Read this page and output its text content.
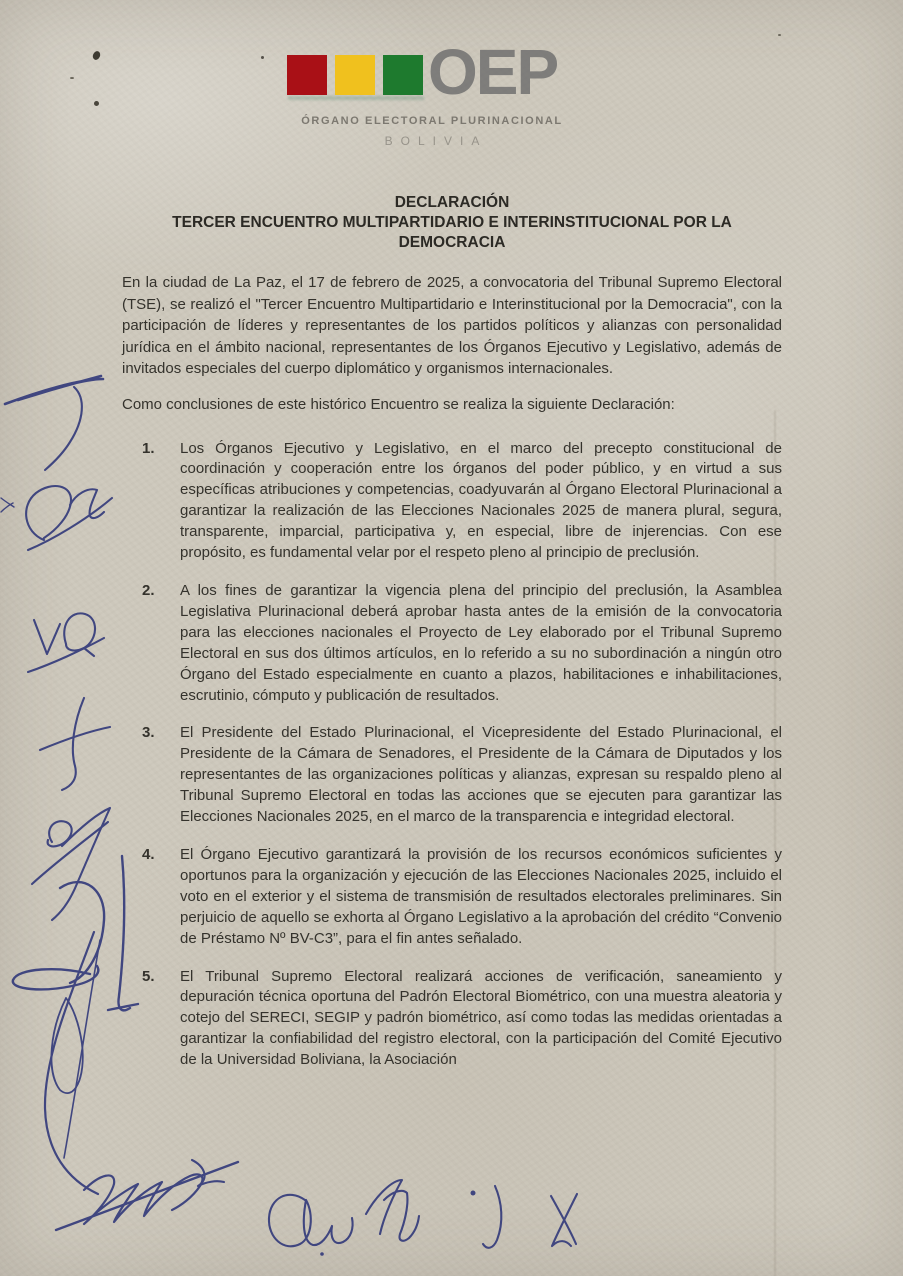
OEP
ÓRGANO ELECTORAL PLURINACIONAL
BOLIVIA
DECLARACIÓN
TERCER ENCUENTRO MULTIPARTIDARIO E INTERINSTITUCIONAL POR LA DEMOCRACIA

En la ciudad de La Paz, el 17 de febrero de 2025, a convocatoria del Tribunal Supremo Electoral (TSE), se realizó el "Tercer Encuentro Multipartidario e Interinstitucional por la Democracia", con la participación de líderes y representantes de los partidos políticos y alianzas con personalidad jurídica en el ámbito nacional, representantes de los Órganos Ejecutivo y Legislativo, además de invitados especiales del cuerpo diplomático y organismos internacionales.

Como conclusiones de este histórico Encuentro se realiza la siguiente Declaración:

1.	Los Órganos Ejecutivo y Legislativo, en el marco del precepto constitucional de coordinación y cooperación entre los órganos del poder público, y en virtud a sus específicas atribuciones y competencias, coadyuvarán al Órgano Electoral Plurinacional a garantizar la realización de las Elecciones Nacionales 2025 de manera plural, segura, transparente, imparcial, participativa y, en especial, libre de injerencias. Con ese propósito, es fundamental velar por el respeto pleno al principio de preclusión.
2.	A los fines de garantizar la vigencia plena del principio del preclusión, la Asamblea Legislativa Plurinacional deberá aprobar hasta antes de la emisión de la convocatoria para las elecciones nacionales el Proyecto de Ley elaborado por el Tribunal Supremo Electoral en sus dos últimos artículos, en lo referido a su no subordinación a ningún otro Órgano del Estado especialmente en cuanto a plazos, habilitaciones e inhabilitaciones, escrutinio, cómputo y publicación de resultados.
3.	El Presidente del Estado Plurinacional, el Vicepresidente del Estado Plurinacional, el Presidente de la Cámara de Senadores, el Presidente de la Cámara de Diputados y los representantes de las organizaciones políticas y alianzas, expresan su respaldo pleno al Tribunal Supremo Electoral en todas las acciones que se ejecuten para garantizar las Elecciones Nacionales 2025, en el marco de la transparencia e integridad electoral.
4.	El Órgano Ejecutivo garantizará la provisión de los recursos económicos suficientes y oportunos para la organización y ejecución de las Elecciones Nacionales 2025, incluido el voto en el exterior y el sistema de transmisión de resultados electorales preliminares. Sin perjuicio de aquello se exhorta al Órgano Legislativo a la aprobación del crédito “Convenio de Préstamo Nº BV-C3”, para el fin antes señalado.
5.	El Tribunal Supremo Electoral realizará acciones de verificación, saneamiento y depuración técnica oportuna del Padrón Electoral Biométrico, con una muestra aleatoria y cotejo del SERECI, SEGIP y padrón biométrico, así como todas las medidas orientadas a garantizar la confiabilidad del registro electoral, con la participación del Comité Ejecutivo de la Universidad Boliviana, la Asociación
